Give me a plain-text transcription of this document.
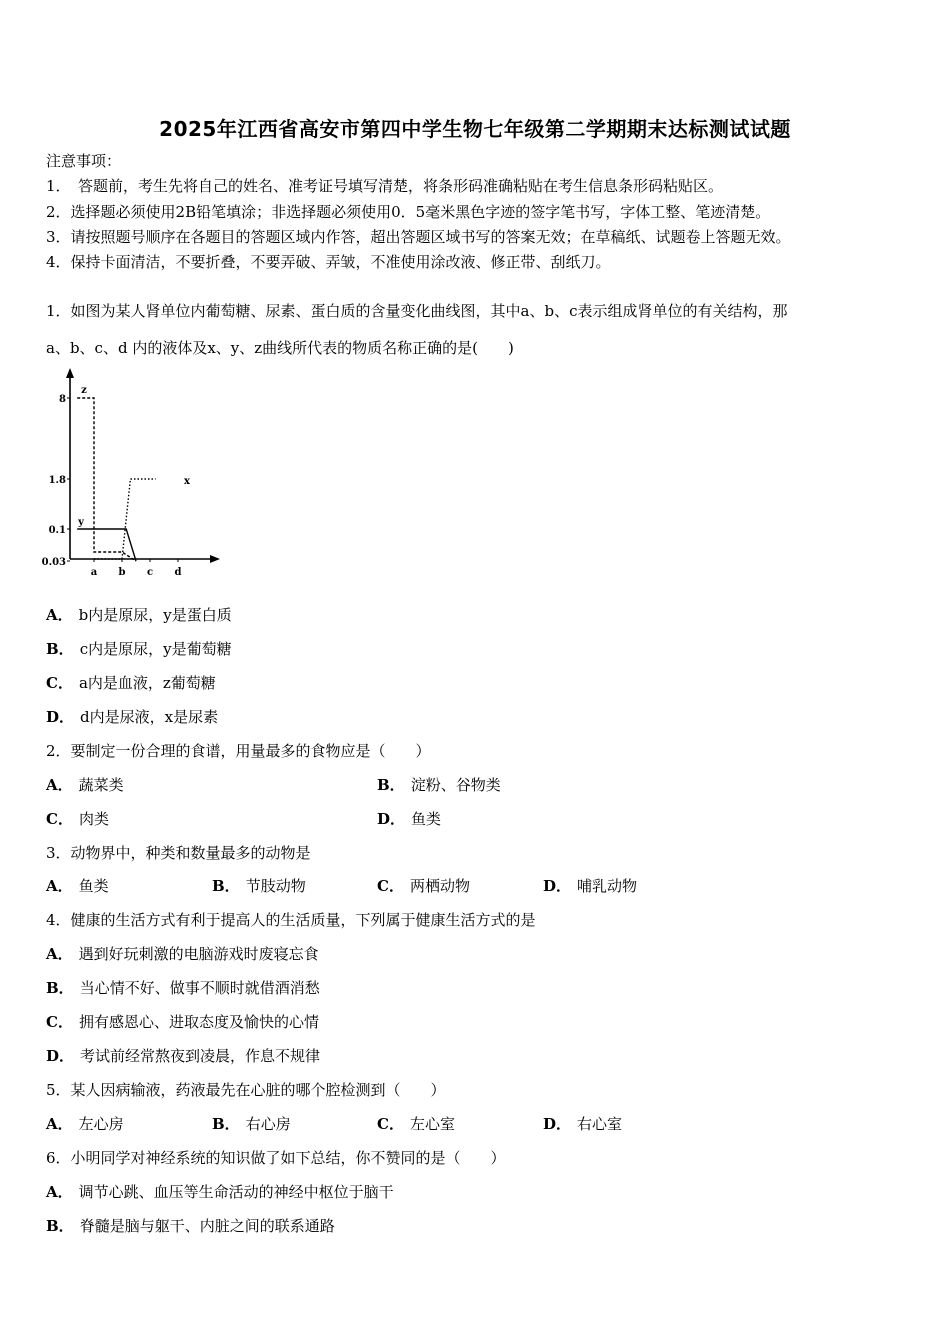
2025年江西省高安市第四中学生物七年级第二学期期末达标测试试题
注意事项：
1．　答题前，考生先将自己的姓名、准考证号填写清楚，将条形码准确粘贴在考生信息条形码粘贴区。
2．选择题必须使用2B铅笔填涂；非选择题必须使用0．5毫米黑色字迹的签字笔书写，字体工整、笔迹清楚。
3．请按照题号顺序在各题目的答题区域内作答，超出答题区域书写的答案无效；在草稿纸、试题卷上答题无效。
4．保持卡面清洁，不要折叠，不要弄破、弄皱，不准使用涂改液、修正带、刮纸刀。
1．如图为某人肾单位内葡萄糖、尿素、蛋白质的含量变化曲线图，其中a、b、c表示组成肾单位的有关结构，那
a、b、c、d 内的液体及x、y、z曲线所代表的物质名称正确的是(　　)
8
1.8
0.1
0.03
a b c d
x
y
z
A． b内是原尿，y是蛋白质
B． c内是原尿，y是葡萄糖
C． a内是血液，z葡萄糖
D． d内是尿液，x是尿素
2．要制定一份合理的食谱，用量最多的食物应是（　　）
A． 蔬菜类	B． 淀粉、谷物类
C． 肉类	D． 鱼类
3．动物界中，种类和数量最多的动物是
A． 鱼类	B． 节肢动物	C． 两栖动物	D． 哺乳动物
4．健康的生活方式有利于提高人的生活质量，下列属于健康生活方式的是
A． 遇到好玩刺激的电脑游戏时废寝忘食
B． 当心情不好、做事不顺时就借酒消愁
C． 拥有感恩心、进取态度及愉快的心情
D． 考试前经常熬夜到凌晨，作息不规律
5．某人因病输液，药液最先在心脏的哪个腔检测到（　　）
A． 左心房	B． 右心房	C． 左心室	D． 右心室
6．小明同学对神经系统的知识做了如下总结，你不赞同的是（　　）
A． 调节心跳、血压等生命活动的神经中枢位于脑干
B． 脊髓是脑与躯干、内脏之间的联系通路
